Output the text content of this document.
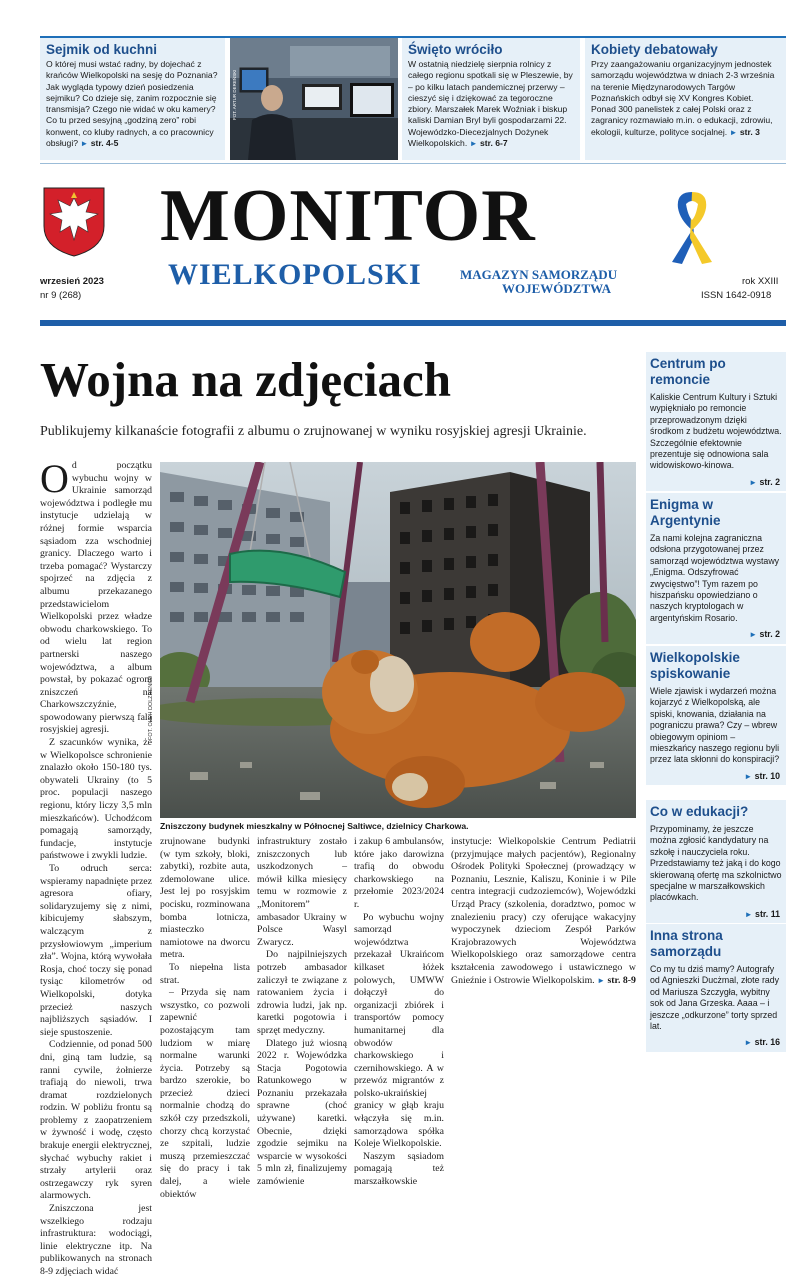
Sejmik od kuchni

O której musi wstać radny, by dojechać z krańców Wielkopolski na sesję do Poznania? Jak wygląda typowy dzień posiedzenia sejmiku? Co dzieje się, zanim rozpocznie się transmisja? Czego nie widać w oku kamery? Co tu przed sesyjną „godziną zero” robi konwent, co kluby radnych, a co pracownicy obsługi? ► str. 4-5

FOT. ARTUR DEREŃSKI
Święto wróciło

W ostatnią niedzielę sierpnia rolnicy z całego regionu spotkali się w Pleszewie, by – po kilku latach pandemicznej przerwy – cieszyć się i dziękować za tegoroczne zbiory. Marszałek Marek Woźniak i biskup kaliski Damian Bryl byli gospodarzami 22. Wojewódzko-Diecezjalnych Dożynek Wielkopolskich. ► str. 6-7

Kobiety debatowały

Przy zaangażowaniu organizacyjnym jednostek samorządu województwa w dniach 2-3 września na terenie Międzynarodowych Targów Poznańskich odbył się XV Kongres Kobiet. Ponad 300 panelistek z całej Polski oraz z zagranicy rozmawiało m.in. o edukacji, zdrowiu, ekologii, kulturze, polityce socjalnej. ► str. 3

MONITOR
WIELKOPOLSKI	MAGAZYN SAMORZĄDU
WOJEWÓDZTWA
wrzesień 2023
nr 9 (268)
rok XXIII
ISSN 1642-0918
Wojna na zdjęciach
Publikujemy kilkanaście fotografii z albumu o zrujnowanej w wyniku rosyjskiej agresji Ukrainie.

Od początku wybuchu wojny w Ukrainie samorząd województwa i podległe mu instytucje udzielają w różnej formie wsparcia sąsiadom zza wschodniej granicy. Dlaczego warto i trzeba pomagać? Wystarczy spojrzeć na zdjęcia z albumu przekazanego przedstawicielom Wielkopolski przez władze obwodu charkowskiego. To od wielu lat region partnerski naszego województwa, a album powstał, by pokazać ogrom zniszczeń na Charkowszczyźnie, spowodowany pierwszą falą rosyjskiej agresji.

Z szacunków wynika, że w Wielkopolsce schronienie znalazło około 150-180 tys. obywateli Ukrainy (to 5 proc. populacji naszego regionu, który liczy 3,5 mln mieszkańców). Uchodźcom pomagają samorządy, fundacje, instytucje państwowe i zwykli ludzie.

To odruch serca: wspieramy napadnięte przez agresora ofiary, solidaryzujemy się z nimi, kibicujemy słabszym, walczącym z przysłowiowym „imperium zła”. Wojna, którą wywołała Rosja, choć toczy się ponad tysiąc kilometrów od Wielkopolski, dotyka przecież naszych najbliższych sąsiadów. I sieje spustoszenie.

Codziennie, od ponad 500 dni, giną tam ludzie, są ranni cywile, żołnierze trafiają do niewoli, trwa dramat rozdzielonych rodzin. W pobliżu frontu są problemy z zaopatrzeniem w żywność i wodę, często brakuje energii elektrycznej, słychać wybuchy rakiet i strzały artylerii oraz ostrzegawczy ryk syren alarmowych.

Zniszczona jest wszelkiego rodzaju infrastruktura: wodociągi, linie elektryczne itp. Na publikowanych na stronach 8-9 zdjęciach widać

FOT. OLEH DOLZHENKO
Zniszczony budynek mieszkalny w Północnej Saltiwce, dzielnicy Charkowa.

zrujnowane budynki (w tym szkoły, bloki, zabytki), rozbite auta, zdemolowane ulice. Jest lej po rosyjskim pocisku, rozminowana bomba lotnicza, miasteczko namiotowe na dworcu metra.

To niepełna lista strat.

– Przyda się nam wszystko, co pozwoli zapewnić pozostającym tam ludziom w miarę normalne warunki życia. Potrzeby są bardzo szerokie, bo przecież dzieci normalnie chodzą do szkół czy przedszkoli, chorzy chcą korzystać ze szpitali, ludzie muszą przemieszczać się do pracy i tak dalej, a wiele obiektów

infrastruktury zostało zniszczonych lub uszkodzonych – mówił kilka miesięcy temu w rozmowie z „Monitorem” ambasador Ukrainy w Polsce Wasyl Zwarycz.

Do najpilniejszych potrzeb ambasador zaliczył te związane z ratowaniem życia i zdrowia ludzi, jak np. karetki pogotowia i sprzęt medyczny.

Dlatego już wiosną 2022 r. Wojewódzka Stacja Pogotowia Ratunkowego w Poznaniu przekazała sprawne (choć używane) karetki. Obecnie, dzięki zgodzie sejmiku na wsparcie w wysokości 5 mln zł, finalizujemy zamówienie

i zakup 6 ambulansów, które jako darowizna trafią do obwodu charkowskiego na przełomie 2023/2024 r.

Po wybuchu wojny samorząd województwa przekazał Ukraińcom kilkaset łóżek polowych, UMWW dołączył do organizacji zbiórek i transportów pomocy humanitarnej dla obwodów charkowskiego i czernihowskiego. A w przewóz migrantów z polsko-ukraińskiej granicy w głąb kraju włączyła się m.in. samorządowa spółka Koleje Wielkopolskie.

Naszym sąsiadom pomagają też marszałkowskie

instytucje: Wielkopolskie Centrum Pediatrii (przyjmujące małych pacjentów), Regionalny Ośrodek Polityki Społecznej (prowadzący w Poznaniu, Lesznie, Kaliszu, Koninie i w Pile centra integracji cudzoziemców), Wojewódzki Urząd Pracy (szkolenia, doradztwo, pomoc w znalezieniu pracy) czy oferujące wakacyjny wypoczynek dzieciom Zespół Parków Krajobrazowych Województwa Wielkopolskiego oraz samorządowe centra kształcenia zawodowego i ustawicznego w Gnieźnie i Ostrowie Wielkopolskim. ► str. 8-9

Centrum po remoncie

Kaliskie Centrum Kultury i Sztuki wypiękniało po remoncie przeprowadzonym dzięki środkom z budżetu województwa. Szczególnie efektownie prezentuje się odnowiona sala widowiskowo-kinowa.

► str. 2

Enigma w Argentynie

Za nami kolejna zagraniczna odsłona przygotowanej przez samorząd województwa wystawy „Enigma. Odszyfrować zwycięstwo”! Tym razem po hiszpańsku opowiedziano o naszych kryptologach w argentyńskim Rosario.

► str. 2

Wielkopolskie spiskowanie

Wiele zjawisk i wydarzeń można kojarzyć z Wielkopolską, ale spiski, knowania, działania na pograniczu prawa? Czy – wbrew obiegowym opiniom – mieszkańcy naszego regionu byli przez lata skłonni do konspiracji?

► str. 10

Co w edukacji?

Przypominamy, że jeszcze można zgłosić kandydatury na szkołę i nauczyciela roku. Przedstawiamy też jaką i do kogo skierowaną ofertę ma szkolnictwo specjalne w marszałkowskich placówkach.

► str. 11

Inna strona samorządu

Co my tu dziś mamy? Autografy od Agnieszki Ducżmal, złote rady od Mariusza Szczygła, wybitny sok od Jana Grzeska. Aaaa – i jeszcze „odkurzone” torty sprzed lat.

► str. 16
